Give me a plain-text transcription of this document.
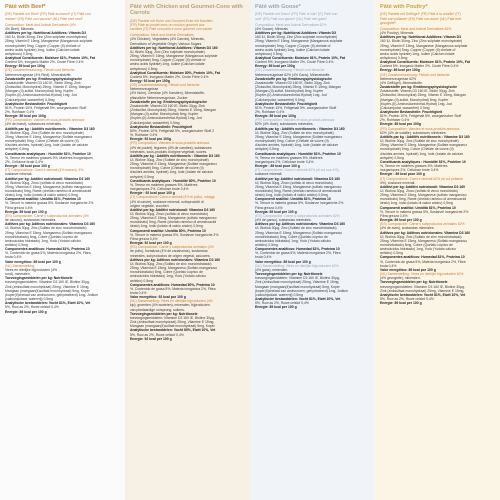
Pâté with Beef*
(DE) Pastete mit Rind* (FR) Pâté au boeuf* (IT) Paté con
manzo* (ES) Paté con vacuno* (NL) Paté met rund*
Composition: Meat and Animal Derivatives (4%
4% Beef), Minerals
Additives per kg: Nutritional Additives: Vitamin D3
160 IU, Biotin 30mg, Zinc (Zinc sulphate monohydrate)
25mg, Vitamin E 15mg, Manganese (Manganous sulphate
monohydrate) 5mg, Copper (Copper (II) chelate of
amino acids hydrate) 1mg, Iodine (Calcium iodate
anhydrous) 0.5mg
Analytical Constituents: Moisture 81%, Protein 10%, Fat
Content 5%, Inorganic Matter 2%, Crude Fibre 0.4%
Energy: 89 kcal per 100g
(DE) Zusammensetzung: Fleisch und tierische
Nebenerzeugnisse (4% Rind), Mineralstoffe.
Zusatzstoffe pro kg: Ernährungsphysiologische
Zusatzstoffe: Vitamin D3 160 IE, Biotin 30mg, Zink
(Zinksulfat, Monohydrat) 25mg, Vitamin E 15mg, Mangan
(Mangan-(II)-sulfat, Monohydrat) 5mg, Kupfer
(Kupfer-(II)-Aminosäurechelat-Hydrat) 1mg, Jod
(Calciumjodat, wasserfrei) 0,5mg
Analytische Bestandteile: Feuchtigkeit
81%, Protein 10%, Fettgehalt 5%, anorganischer Stoff
2%, Rohfaser 0,4%
Energie: 89 kcal pro 100g
(FR) Composition: Viandes et sous-produits animaux
(4% de boeuf), substances minérales.
Additifs par kg : Additifs nutritionnels : Vitamine D3 160
UI, Biotine 30µg, Zinc (Sulfate de zinc monohydraté)
25mg, Vitamine E 15mg, Manganèse (Sulfate manganeux
monohydraté) 5mg, Cuivre (Chélate de cuivre (II)
d'acides aminés, hydraté) 1mg, Iode (Iodate de calcium
anhydre) 0,5mg
Constituants analytiques : Humidité 81%, Protéine 10
%, Teneur en matières grasses 5%, Matières inorganiques
2%, Cellulose brute 0,4%
Energie : 89 kcal pour 100 g
(IT) Composizione: Carni e derivati (4% manzo), 4%
sostanze minerali.
Additivi per kg: Additivi nutrizionali: Vitamina D3 160
UI, Biotina 30µg, Zinco (solfato di zinco monoidrato)
25mg, Vitamina E 15mg, Manganese (solfato manganoso
monoidrato) 5mg, Rame (chelato rameico di amminoacidi
idrato) 1mg, Iodio (iodato di calcio anidro) 0,5mg
Componenti analitici: Umidità 81%, Proteina 10
%, Tenore in materia grassa 5%, Sostanze inorganiche 2%
Fibra grezza 0,4%
Energia: 89 kcal per 100 g
(ES) Composición: Carne y subproductos animales (4%
de vacuno), sustancias minerales.
Aditivos por kg: Aditivos nutricionales: Vitamina D3 160
UI, Biotina 30µg, Zinc (Sulfato de zinc monohidratado)
25mg, Vitamina E 15mg, Manganeso (Sulfato manganoso
monohidratado) 5mg, Cobre (Quelato cúprico de
aminoácidos hidratado) 1mg, Yodo (Yodato cálcico
anhidro) 0,5mg
Componentes analíticos: Humedad 81%, Proteína 10
%, Contenido de grasa 5%, Materia inorgánica 2%, Fibra
bruta 0,4%
Valor energético: 89 kcal por 100 g
(NL) Samenstelling:
Vlees en dierlijke bijproducten (4%
rund), mineralen.
Toevoegingsmiddelen per kg: Nutritionele
toevoegingsmiddelen: Vitamine D3 160 IE, Biotine 30µg,
Zink (zinksulfaat monohydraat) 25mg, Vitamine E 15mg,
Mangaan (mangaan(II)sulfaat monohydraat) 5mg, Koper
(koper(II)chelaat van aminozuren, gehydrateerd) 1mg, Jodium
(calciumjodaat, watervrij) 0,5mg
Analytische bestanddelen: Vocht 81%, Eiwit 10%, Vet
5%, Ruw as 2%, Ruwe celstof 0,4%
Energie: 89 kcal per 100 g
Pâté with Chicken and Gourmet-Cone with Carrots
(DE) Pastete mit Huhn und Gourmet-Ecke mit Karotten
(FR) Pâté au poulet avec un croûton gourmet aux
carottes (IT) Paté con pollo e cono gourmet con carote
Composition: Meat and Animal Derivatives
(4% Chicken), Vegetables (4% Carrots), Minerals,
Derivatives of Vegetable Origin, Various Sugars
Additives per kg: Nutritional Additives: Vitamin D3 160
IU, Biotin 30µg, Zinc (Zinc sulphate monohydrate)
25mg, Vitamin E 15mg, Manganese (Manganous sulphate
monohydrate) 5mg, Copper (Copper (II) chelate of
amino acids hydrate) 1mg, Iodine (Calcium iodate
anhydrous) 0.5mg
Analytical Constituents: Moisture 80%, Protein 10%, Fat
Content 5%, Inorganic Matter 2%, Crude Fibre 0.4%
Energy: 92 kcal per 100g
(DE) Zusammensetzung: Fleisch und tierische
Nebenerzeugnisse
(4% Huhn), Gemüse (4% Karotten), Mineralstoffe,
pflanzliche Nebenerzeugnisse, Zucker.
Zusatzstoffe pro kg: Ernährungsphysiologische
Zusatzstoffe: Vitamin D3 160 IE, Biotin 30µg, Zink
(Zinksulfat, Monohydrat) 25mg, Vitamin E 15mg, Mangan
(Mangan-(II)-sulfat, Monohydrat) 5mg, Kupfer
(Kupfer-(II)-Aminosäurechelat-Hydrat) 1mg, Jod
(Calciumjodat, wasserfrei) 0,5mg
Analytische Bestandteile: Feuchtigkeit
80%, Protein 10%, Fettgehalt 5%, anorganischer Stoff 2
%, Rohfaser 0,4%
Energie: 92 kcal pro 100g
(FR) Composition: Viandes et sous-produits animaux
(4% de poulet), légumes (4% de carottes), substances
minérales, sous-produits d'origine végétale, sucres.
Additifs par kg : Additifs nutritionnels : Vitamine D3 160
UI, Biotine 30µg, Zinc (Sulfate de zinc monohydraté)
25mg, Vitamine E 15mg, Manganèse (Sulfate manganeux
monohydraté) 5mg, Cuivre (Chélate de cuivre (II)
d'acides aminés, hydraté) 1mg, Iode (Iodate de calcium
anhydre) 0,5mg
Constituants analytiques : Humidité 80%, Protéine 10
%, Teneur en matières grasses 5%, Matières
inorganiques 2%, Cellulose brute 0,4%
Energie : 92 kcal pour 100 g
(IT) Composizione: Carni e derivati (4% di pollo), ortaggi
(4% di carote), sostanze minerali, sottoprodotti di
origine vegetale, zuccheri.
Additivi per kg: Additivi nutrizionali: Vitamina D3 160
UI, Biotina 30µg, Zinco (solfato di zinco monoidrato)
25mg, Vitamina E 15mg, Manganese (solfato manganoso
monoidrato) 5mg, Rame (chelato rameico di amminoacidi
idrato) 1mg, Iodio (iodato di calcio anidro) 0,5mg
Componenti analitici: Umidità 80%, Proteina 10
%, Tenore in materia grassa 5%, Sostanze inorganiche 2%
Fibra grezza 0,4%
Energia: 92 kcal per 100 g
(ES) Composición: Carne y subproductos animales (4%
de pollo), hortalizas (4% de zanahorias), sustancias
minerales, subproductos de origen vegetal, azúcares.
Aditivos por kg: Aditivos nutricionales: Vitamina D3 160
UI, Biotina 30µg, Zinc (Sulfato de zinc monohidratado)
25mg, Vitamina E 15mg, Manganeso (Sulfato manganoso
monohidratado) 5mg, Cobre (Quelato cúprico de
aminoácidos hidratado) 1mg, Yodo (Yodato cálcico
anhidro) 0,5mg
Componentes analíticos: Humedad 80%, Proteína 10
%, Contenido de grasa 5%, Materia inorgánica 2%, Fibra
bruta 0,4%
Valor energético: 92 kcal por 100 g
(NL) Samenstelling: Vlees en dierlijke bijproducten (4%
kip), groenten (4% wortelen), mineralen, bijproducten
van plantaardige oorsprong, suikers.
Toevoegingsmiddelen per kg: Nutritionele
toevoegingsmiddelen: Vitamine D3 160 IE, Biotine 30µg,
Zink (zinksulfaat monohydraat) 25mg, Vitamine E 15mg,
Mangaan (mangaan(II)sulfaat monohydraat) 5mg, Koper
Analytische bestanddelen: Vocht 80%, Eiwit 10%, Vet
5%, Ruw as 2%, Ruwe celstof 0,4%
Energie: 92 kcal per 100 g
Pâté with Goose*
(DE) Pastete mit Gans* (FR) Pâté à l'oie* (IT) Paté con
oca* (ES) Paté con ganso* (NL) Paté met gans*
Composition: Meat and Animal Derivatives 62%
(4% Goose), Minerals
Additives per kg: Nutritional Additives: Vitamin D3
160 IU, Biotin 30mg, Zinc (Zinc sulphate monohydrate)
25mg, Vitamin E 15mg, Manganese (Manganous sulphate
monohydrate) 5mg, Copper (Copper (II) chelate of
amino acids hydrate) 1mg, Iodine (Calcium iodate
anhydrous) 0.5mg
Analytical Constituents: Moisture 81%, Protein 10%, Fat
Content 5%, Inorganic Matter 2%, Crude Fibre 0.4%
Energy: 89 kcal per 100g
(DE) Zusammensetzung: Fleisch und tierische
Nebenerzeugnisse 62% (4% Gans), Mineralstoffe.
Zusatzstoffe pro kg: Ernährungsphysiologische
Zusatzstoffe: Vitamin D3 160 IE, Biotin 30µg, Zink
(Zinksulfat, Monohydrat) 25mg, Vitamin E 15mg, Mangan
(Mangan-(II)-sulfat, Monohydrat) 5mg, Kupfer
(Kupfer-(II)-Aminosäurechelat-Hydrat) 1mg, Jod
(Calciumjodat, wasserfrei) 0,5mg
Analytische Bestandteile: Feuchtigkeit
81%, Protein 10%, Fettgehalt 5%, anorganischer Stoff
2%, Rohfaser 0,4%
Energie: 89 kcal pro 100g
(FR) Composition: Viandes et sous-produits animaux
62% (4% d'oie), substances minérales.
Additifs par kg : Additifs nutritionnels : Vitamine D3 160
UI, Biotine 30µg, Zinc (Sulfate de zinc monohydraté)
25mg, Vitamine E 15mg, Manganèse (Sulfate manganeux
monohydraté) 5mg, Cuivre (Chélate de cuivre (II)
d'acides aminés, hydraté) 1mg, Iode (Iodate de calcium
anhydre) 0,5mg
Constituants analytiques : Humidité 81%, Protéine 10
%, Teneur en matières grasses 5%, Matières
inorganiques 2%, Cellulose brute 0,4%
Energie : 89 kcal pour 100 g
(IT) Composizione: Carni e derivati 62% (di cui oca 4%),
sostanze minerali.
Additivi per kg: Additivi nutrizionali: Vitamina D3 160
UI, Biotina 30µg, Zinco (solfato di zinco monoidrato)
25mg, Vitamina E 15mg, Manganese (solfato manganoso
monoidrato) 5mg, Rame (chelato rameico di amminoacidi
idrato) 1mg, Iodio (iodato di calcio anidro) 0,5mg
Componenti analitici: Umidità 81%, Proteina 10
%, Tenore in materia grassa 5%, Sostanze inorganiche 2%
Fibra grezza 0,4%
Energia: 89 kcal per 100 g
(ES) Composición: Carne y subproductos animales 62%
(4% de ganso), sustancias minerales.
Aditivos por kg: Aditivos nutricionales: Vitamina D3 160
UI, Biotina 30µg, Zinc (Sulfato de zinc monohidratado)
25mg, Vitamina E 15mg, Manganeso (Sulfato manganoso
monohidratado) 5mg, Cobre (Quelato cúprico de
aminoácidos hidratado) 1mg, Yodo (Yodato cálcico
anhidro) 0,5mg
Componentes analíticos: Humedad 81%, Proteína 10
%, Contenido de grasa 5%, Materia inorgánica 2%, Fibra
bruta 0,4%
Valor energético: 89 kcal por 100 g
(NL) Samenstelling: Vlees en dierlijke bijproducten 62%
(4% gans), mineralen.
Toevoegingsmiddelen per kg: Nutritionele
toevoegingsmiddelen: Vitamine D3 160 IE, Biotine 30µg,
Zink (zinksulfaat monohydraat) 25mg, Vitamine E 15mg,
Mangaan (mangaan(II)sulfaat monohydraat) 5mg, Koper
(koper(II)chelaat van aminozuren, gehydrateerd) 1mg, Jodium
(calciumjodaat, watervrij) 0,5mg
Analytische bestanddelen: Vocht 81%, Eiwit 10%, Vet
5%, Ruw as 2%, Ruwe celstof 0,4%
Energie: 89 kcal per 100 g
Pâté with Poultry*
(DE) Pastete mit Geflügel* (FR) Pâté à la volaille* (IT)
Paté con pollame* (ES) Paté con aves* (NL) Paté met
gevogelte*
Composition: Meat and Animal Derivatives 62%
(4% Poultry), Minerals
Additives per kg: Nutritional Additives: Vitamin D3
160 IU, Biotin 30mg, Zinc (Zinc sulphate monohydrate)
25mg, Vitamin E 15mg, Manganese (Manganous sulphate
monohydrate) 5mg, Copper (Copper (II) chelate of
amino acids hydrate) 1mg, Iodine (Calcium iodate
anhydrous) 0.5mg
Analytical Constituents: Moisture 81%, Protein 10%, Fat
Content 5%, Inorganic Matter 2%, Crude Fibre 0.4%
Energy: 89 kcal per 100g
(DE) Zusammensetzung: Fleisch und tierische
Nebenerzeugnisse 62%
(4% Geflügel), Mineralstoffe.
Zusatzstoffe pro kg: Ernährungsphysiologische
Zusatzstoffe: Vitamin D3 160 IE, Biotin 30µg, Zink
(Zinksulfat, Monohydrat) 25mg, Vitamin E 15mg, Mangan
(Mangan-(II)-sulfat, Monohydrat) 5mg, Kupfer
(Kupfer-(II)-Aminosäurechelat-Hydrat) 1mg, Jod
(Calciumjodat, wasserfrei) 0,5mg
Analytische Bestandteile: Feuchtigkeit
81%, Protein 10%, Fettgehalt 5%, anorganischer Stoff
2%, Rohfaser 0,4%
Energie: 89 kcal pro 100g
(FR) Composition: Viandes et sous-produits animaux
62% (4% de volaille), substances minérales.
Additifs par kg : Additifs nutritionnels : Vitamine D3 160
UI, Biotine 30µg, Zinc (Sulfate de zinc monohydraté)
25mg, Vitamine E 15mg, Manganèse (Sulfate manganeux
monohydraté) 5mg, Cuivre (Chélate de cuivre (II)
d'acides aminés, hydraté) 1mg, Iode (Iodate de calcium
anhydre) 0,5mg
Constituants analytiques : Humidité 81%, Protéine 10
%, Teneur en matières grasses 5%, Matières
inorganiques 2%, Cellulose brute 0,4%
Energie : 89 kcal pour 100 g
(IT) Composizione: Carni e derivati 62% (di cui pollame
4%), sostanze minerali.
Additivi per kg: Additivi nutrizionali: Vitamina D3 160
UI, Biotina 30µg, Zinco (solfato di zinco monoidrato)
25mg, Vitamina E 15mg, Manganese (solfato manganoso
monoidrato) 5mg, Rame (chelato rameico di amminoacidi
idrato) 1mg, Iodio (iodato di calcio anidro) 0,5mg
Componenti analitici: Umidità 81%, Proteina 10
%, Tenore in materia grassa 5%, Sostanze inorganiche 2%
Fibra grezza 0,4%
Energia: 89 kcal per 100 g
(ES) Composición: Carne y subproductos animales 62%
(4% de aves), sustancias minerales.
Aditivos por kg: Aditivos nutricionales: Vitamina D3 160
UI, Biotina 30µg, Zinc (Sulfato de zinc monohidratado)
25mg, Vitamina E 15mg, Manganeso (Sulfato manganoso
monohidratado) 5mg, Cobre (Quelato cúprico de
aminoácidos hidratado) 1mg, Yodo (Yodato cálcico
anhidro) 0,5mg
Componentes analíticos: Humedad 81%, Proteína 10
%, Contenido de grasa 5%, Materia inorgánica 2%, Fibra
bruta 0,4%
Valor energético: 89 kcal por 100 g
(NL) Samenstelling: Vlees en dierlijke bijproducten 62%
(4% gevogelte), mineralen.
Toevoegingsmiddelen per kg: Nutritionele
toevoegingsmiddelen: Vitamine D3 160 IE, Biotine 30µg,
Zink (zinksulfaat monohydraat) 25mg, Vitamine E 15mg,
Analytische bestanddelen: Vocht 81%, Eiwit 10%, Vet
5%, Ruw as 2%, Ruwe celstof 0,4%
Energie: 89 kcal per 100 g
